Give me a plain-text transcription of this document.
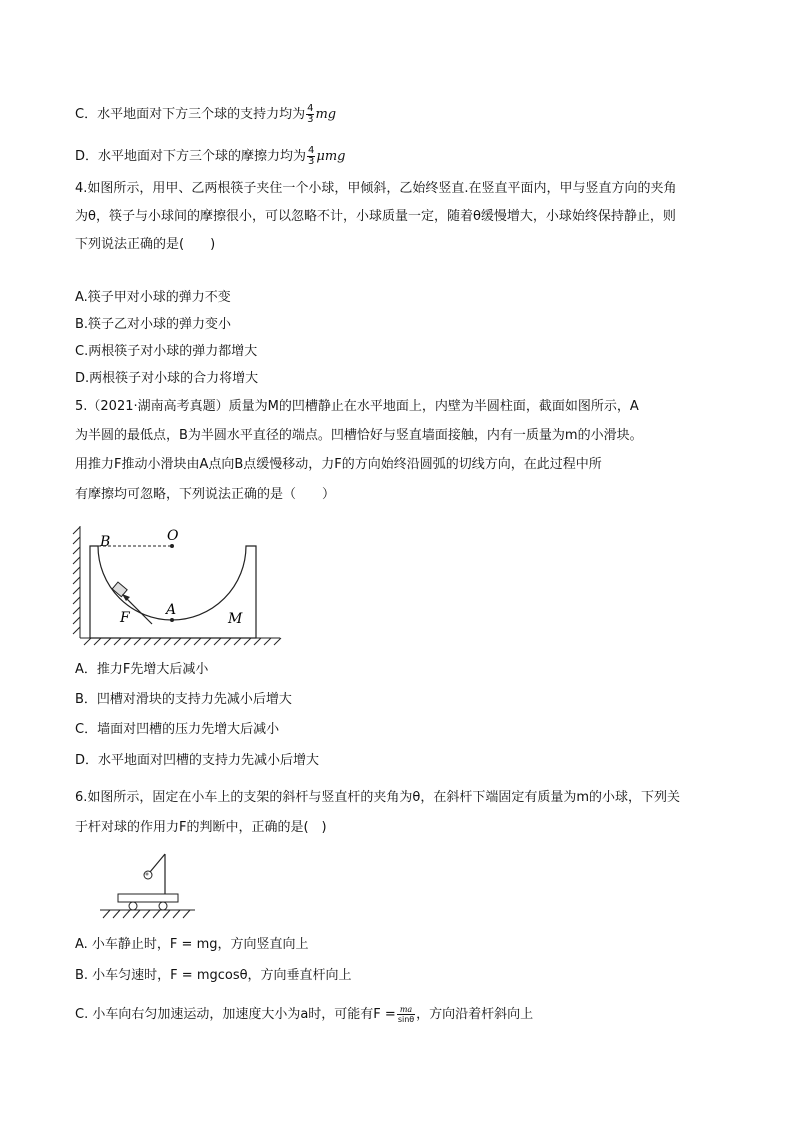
C．水平地面对下方三个球的支持力均为 $\frac{4}{3}$ mg
D．水平地面对下方三个球的摩擦力均为 $\frac{4}{3}$ μmg
4.如图所示，用甲、乙两根筷子夹住一个小球，甲倾斜，乙始终竖直.在竖直平面内，甲与竖直方向的夹角
为θ，筷子与小球间的摩擦很小，可以忽略不计，小球质量一定，随着θ缓慢增大，小球始终保持静止，则
下列说法正确的是(　　)
A.筷子甲对小球的弹力不变
B.筷子乙对小球的弹力变小
C.两根筷子对小球的弹力都增大
D.两根筷子对小球的合力将增大
5.（2021·湖南高考真题）质量为M的凹槽静止在水平地面上，内壁为半圆柱面，截面如图所示，A
为半圆的最低点，B为半圆水平直径的端点。凹槽恰好与竖直墙面接触，内有一质量为m的小滑块。
用推力F推动小滑块由A点向B点缓慢移动，力F的方向始终沿圆弧的切线方向，在此过程中所
有摩擦均可忽略，下列说法正确的是（　　）
B	O
A
F	M
A．推力F先增大后减小
B．凹槽对滑块的支持力先减小后增大
C．墙面对凹槽的压力先增大后减小
D．水平地面对凹槽的支持力先减小后增大
6.如图所示，固定在小车上的支架的斜杆与竖直杆的夹角为θ，在斜杆下端固定有质量为m的小球，下列关
于杆对球的作用力F的判断中，正确的是(　)
A. 小车静止时，F = mg，方向竖直向上
B. 小车匀速时，F = mgcosθ，方向垂直杆向上
C. 小车向右匀加速运动，加速度大小为a时，可能有$F = \frac{ma}{\sin\theta}$ ，方向沿着杆斜向上
